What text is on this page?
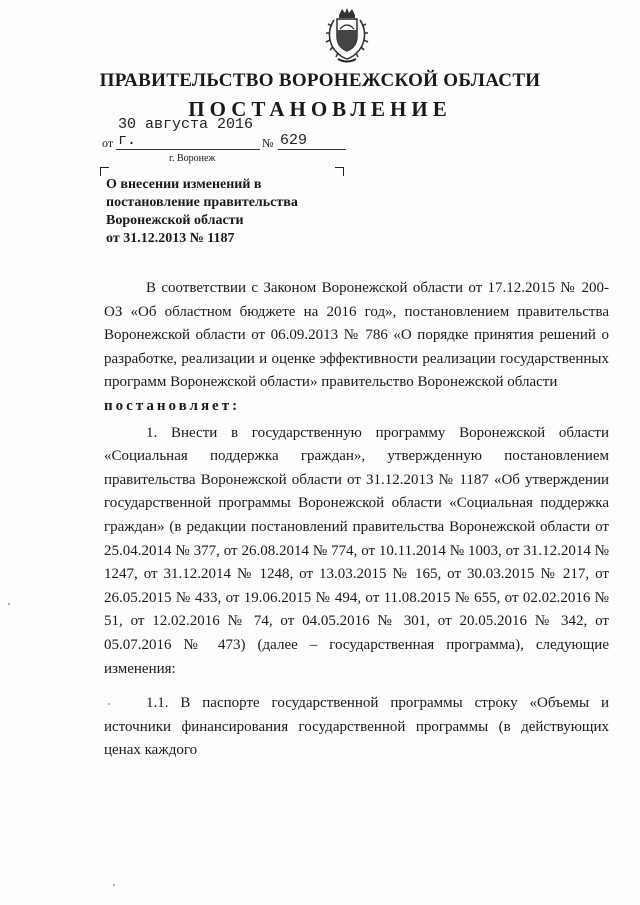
ПРАВИТЕЛЬСТВО ВОРОНЕЖСКОЙ ОБЛАСТИ
ПОСТАНОВЛЕНИЕ
от
30 августа 2016 г.	№ 629
г. Воронеж
О внесении изменений в
постановление правительства
Воронежской области
от 31.12.2013 № 1187

В соответствии с Законом Воронежской области от 17.12.2015 № 200-ОЗ «Об областном бюджете на 2016 год», постановлением правительства Воронежской области от 06.09.2013 № 786 «О порядке принятия решений о разработке, реализации и оценке эффективности реализации государственных программ Воронежской области» правительство Воронежской области

постановляет:

1. Внести в государственную программу Воронежской области «Социальная поддержка граждан», утвержденную постановлением правительства Воронежской области от 31.12.2013 № 1187 «Об утверждении государственной программы Воронежской области «Социальная поддержка граждан» (в редакции постановлений правительства Воронежской области от 25.04.2014 № 377, от 26.08.2014 № 774, от 10.11.2014 № 1003, от 31.12.2014 № 1247, от 31.12.2014 № 1248, от 13.03.2015 № 165, от 30.03.2015 № 217, от 26.05.2015 № 433, от 19.06.2015 № 494, от 11.08.2015 № 655, от 02.02.2016 № 51, от 12.02.2016 № 74, от 04.05.2016 № 301, от 20.05.2016 № 342, от 05.07.2016 № 473) (далее – государственная программа), следующие изменения:

1.1. В паспорте государственной программы строку «Объемы и источники финансирования государственной программы (в действующих ценах каждого
